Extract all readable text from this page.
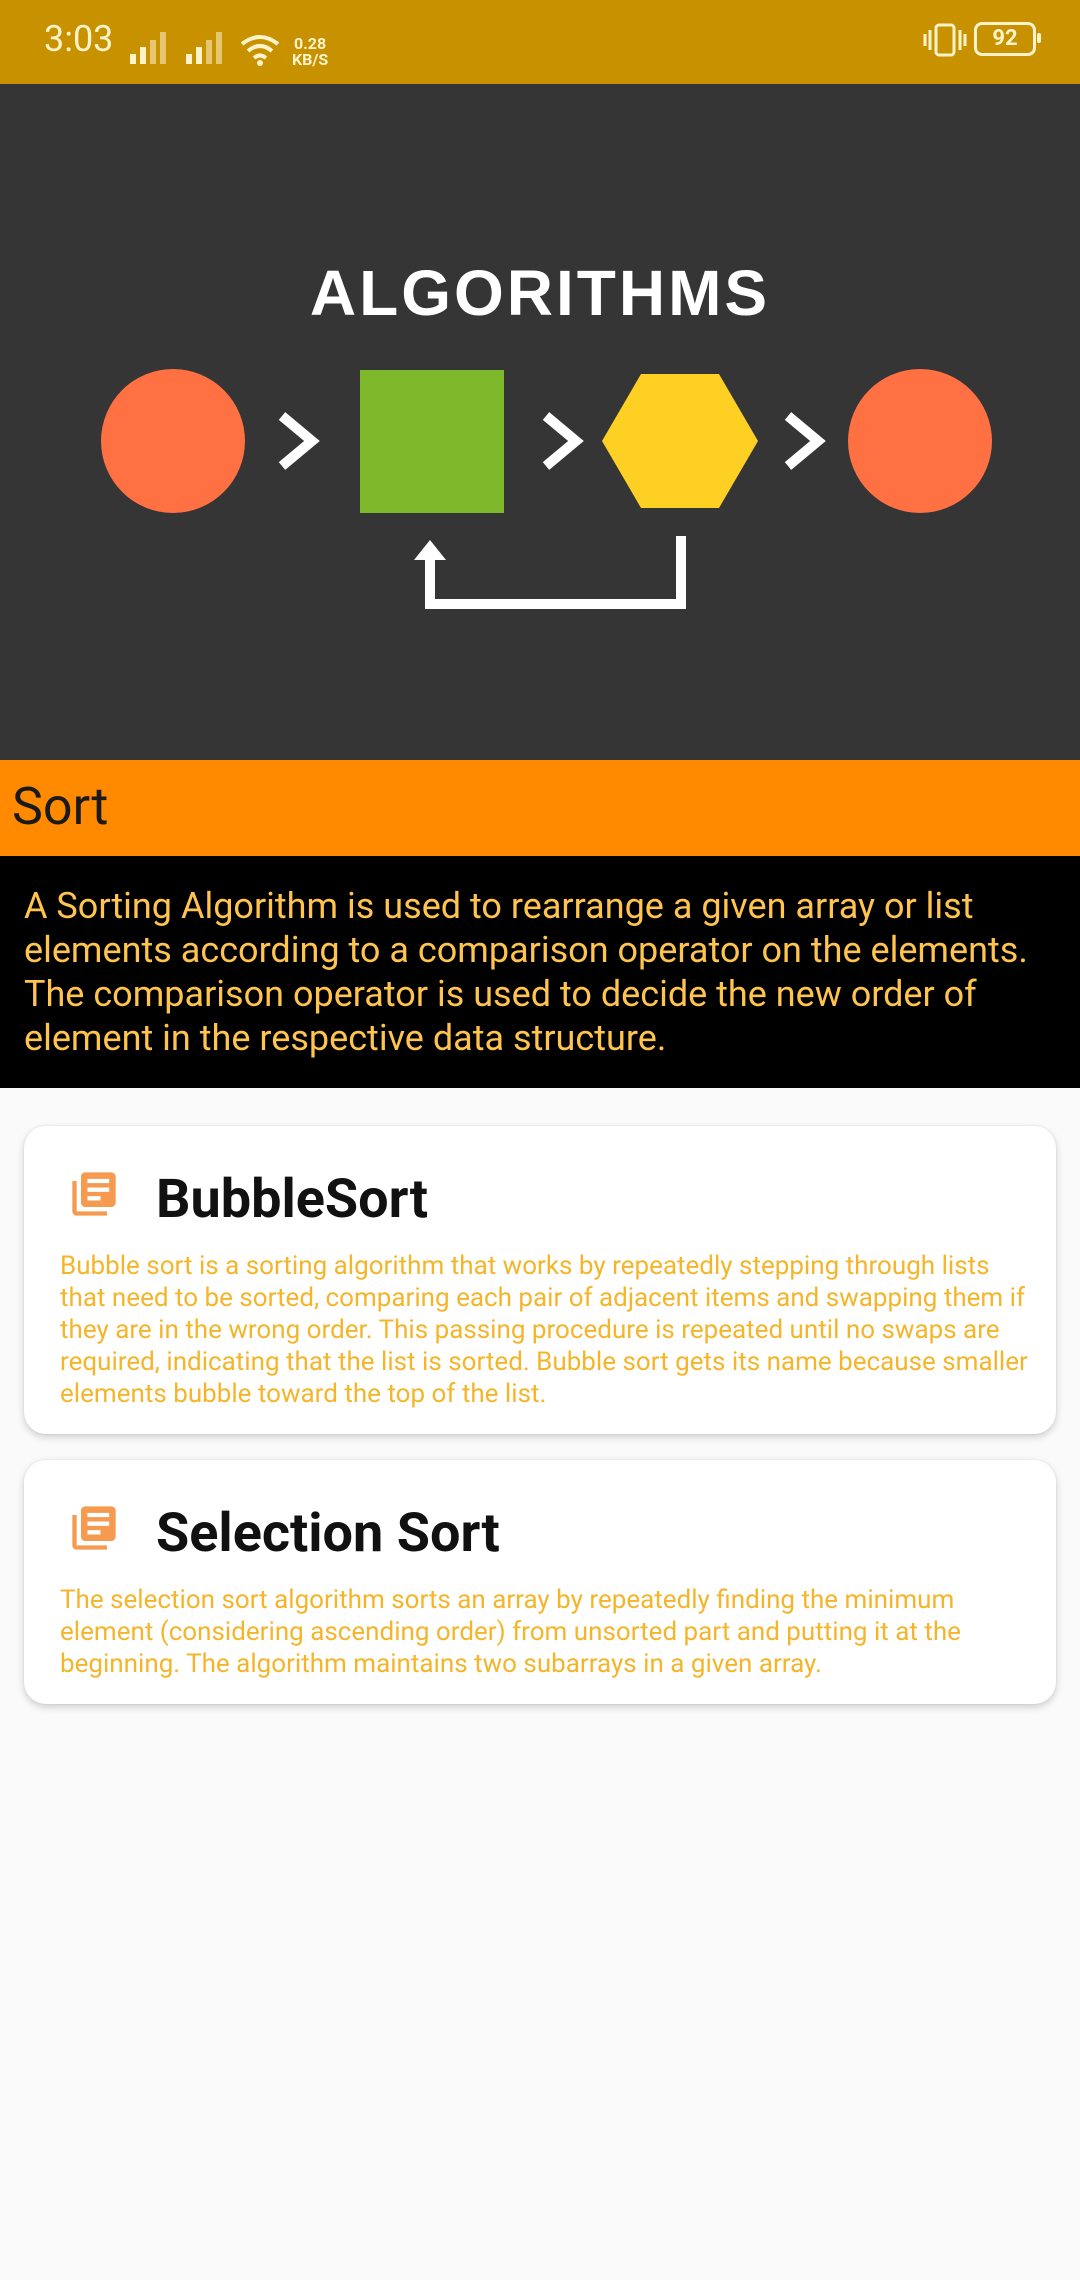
3:03	0.28
KB/S
92
ALGORITHMS
Sort
A Sorting Algorithm is used to rearrange a given array or list elements according to a comparison operator on the elements. The comparison operator is used to decide the new order of element in the respective data structure.
BubbleSort
Bubble sort is a sorting algorithm that works by repeatedly stepping through lists that need to be sorted, comparing each pair of adjacent items and swapping them if they are in the wrong order. This passing procedure is repeated until no swaps are required, indicating that the list is sorted. Bubble sort gets its name because smaller elements bubble toward the top of the list.
Selection Sort
The selection sort algorithm sorts an array by repeatedly finding the minimum element (considering ascending order) from unsorted part and putting it at the beginning. The algorithm maintains two subarrays in a given array.
